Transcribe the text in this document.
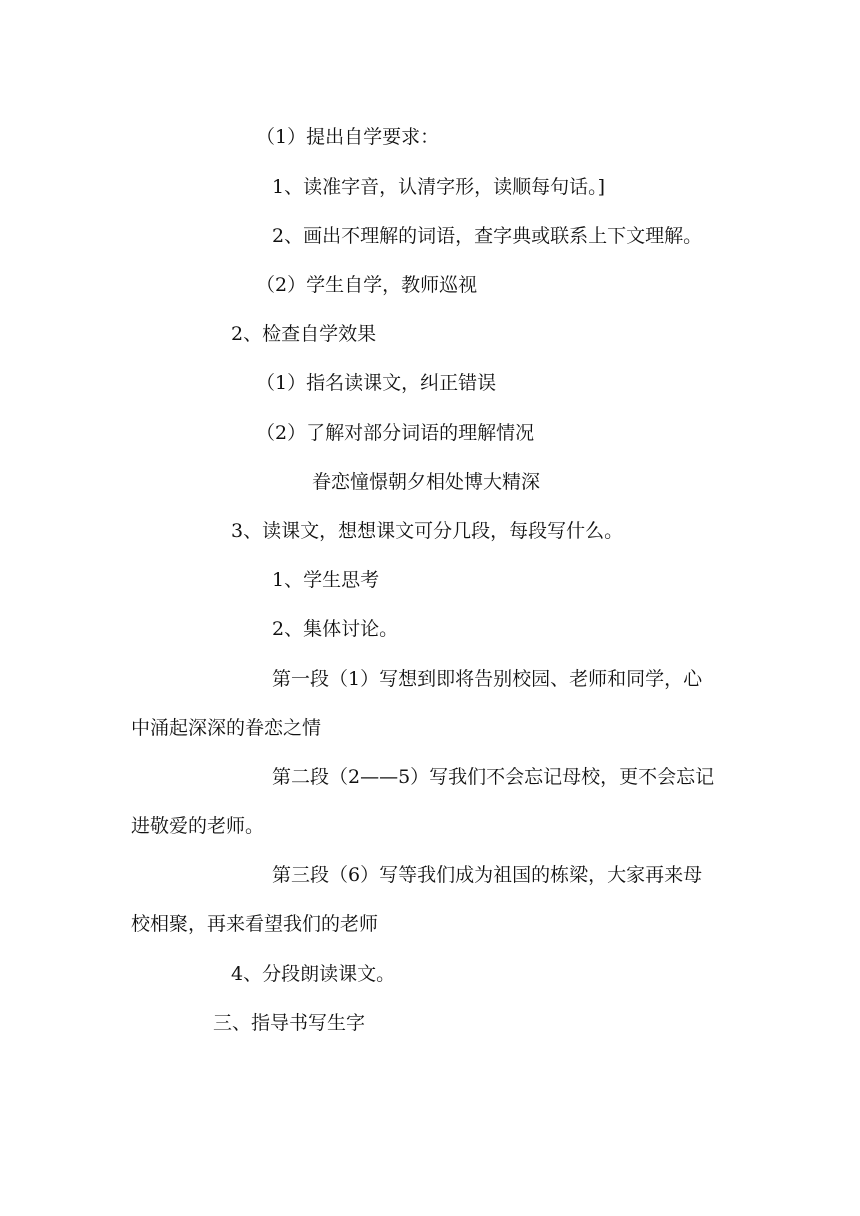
（1）提出自学要求：
1、读准字音，认清字形，读顺每句话。]
2、画出不理解的词语，查字典或联系上下文理解。
（2）学生自学，教师巡视
2、检查自学效果
（1）指名读课文，纠正错误
（2）了解对部分词语的理解情况
眷恋憧憬朝夕相处博大精深
3、读课文，想想课文可分几段，每段写什么。
1、学生思考
2、集体讨论。
第一段（1）写想到即将告别校园、老师和同学，心
中涌起深深的眷恋之情
第二段（2——5）写我们不会忘记母校，更不会忘记
进敬爱的老师。
第三段（6）写等我们成为祖国的栋梁，大家再来母
校相聚，再来看望我们的老师
4、分段朗读课文。
三、指导书写生字
